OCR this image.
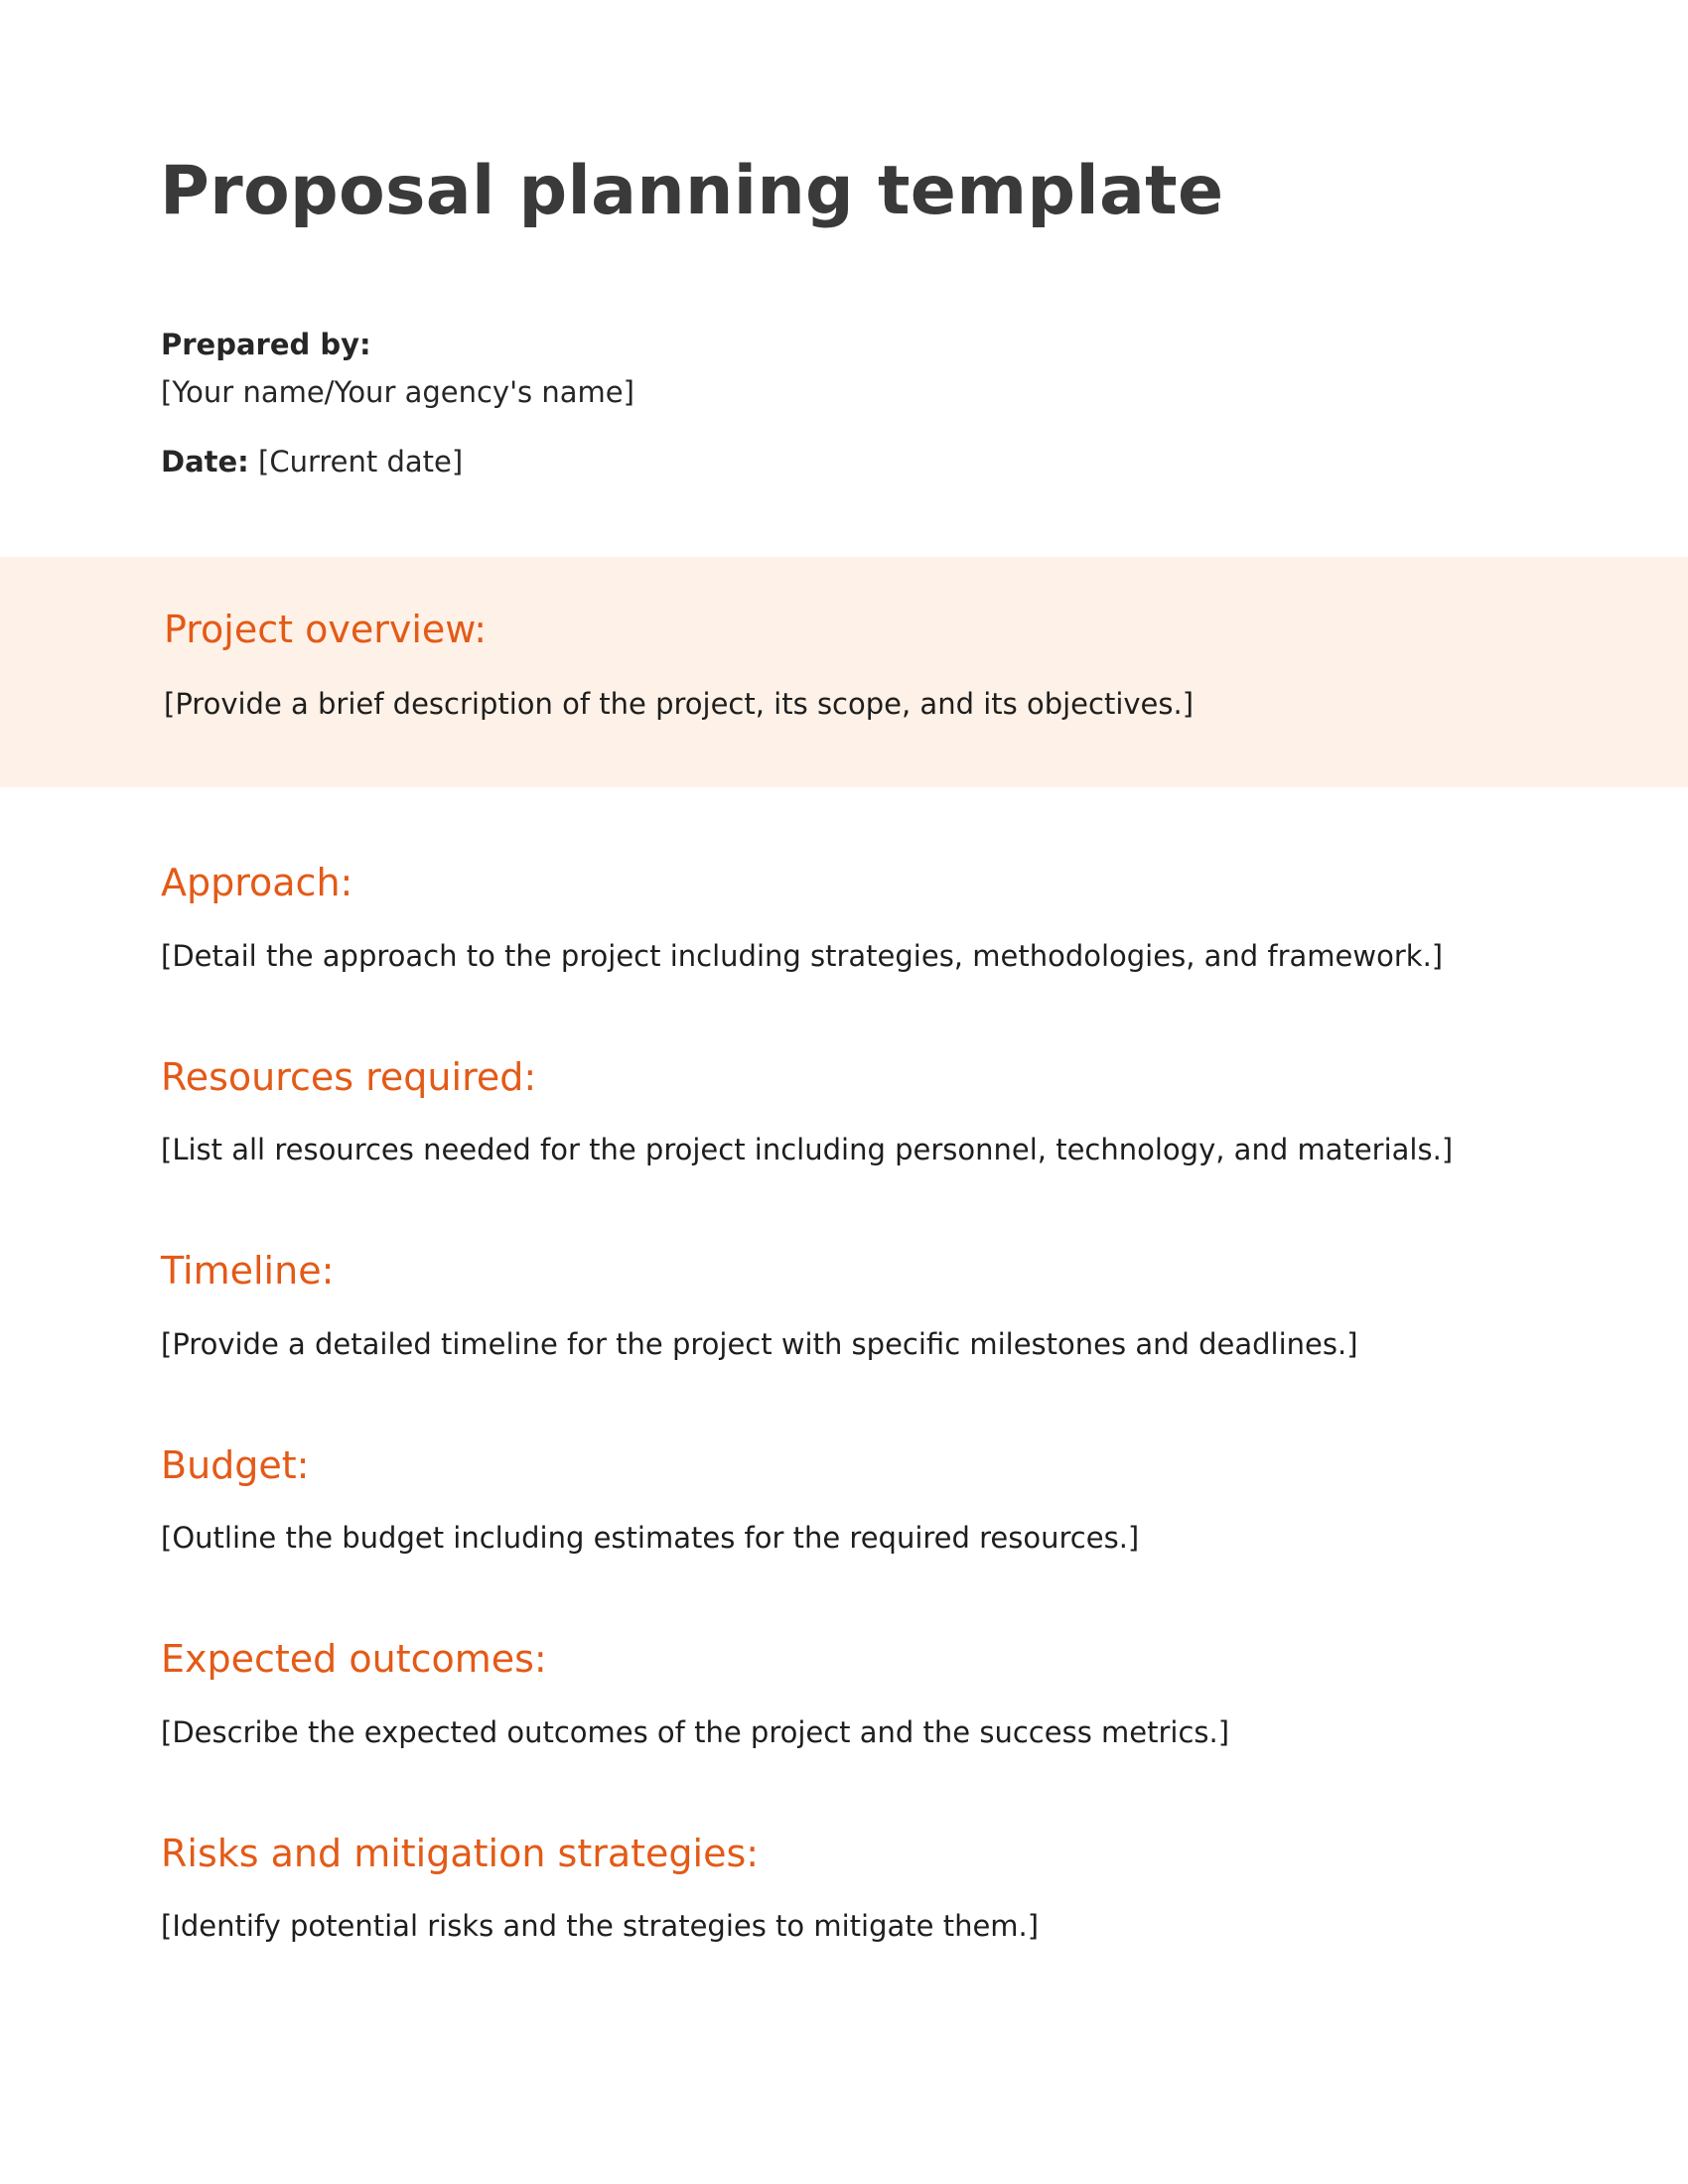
Proposal planning template
Prepared by:
[Your name/Your agency's name]
Date: [Current date]
Project overview:
[Provide a brief description of the project, its scope, and its objectives.]
Approach:
[Detail the approach to the project including strategies, methodologies, and framework.]
Resources required:
[List all resources needed for the project including personnel, technology, and materials.]
Timeline:
[Provide a detailed timeline for the project with specific milestones and deadlines.]
Budget:
[Outline the budget including estimates for the required resources.]
Expected outcomes:
[Describe the expected outcomes of the project and the success metrics.]
Risks and mitigation strategies:
[Identify potential risks and the strategies to mitigate them.]
